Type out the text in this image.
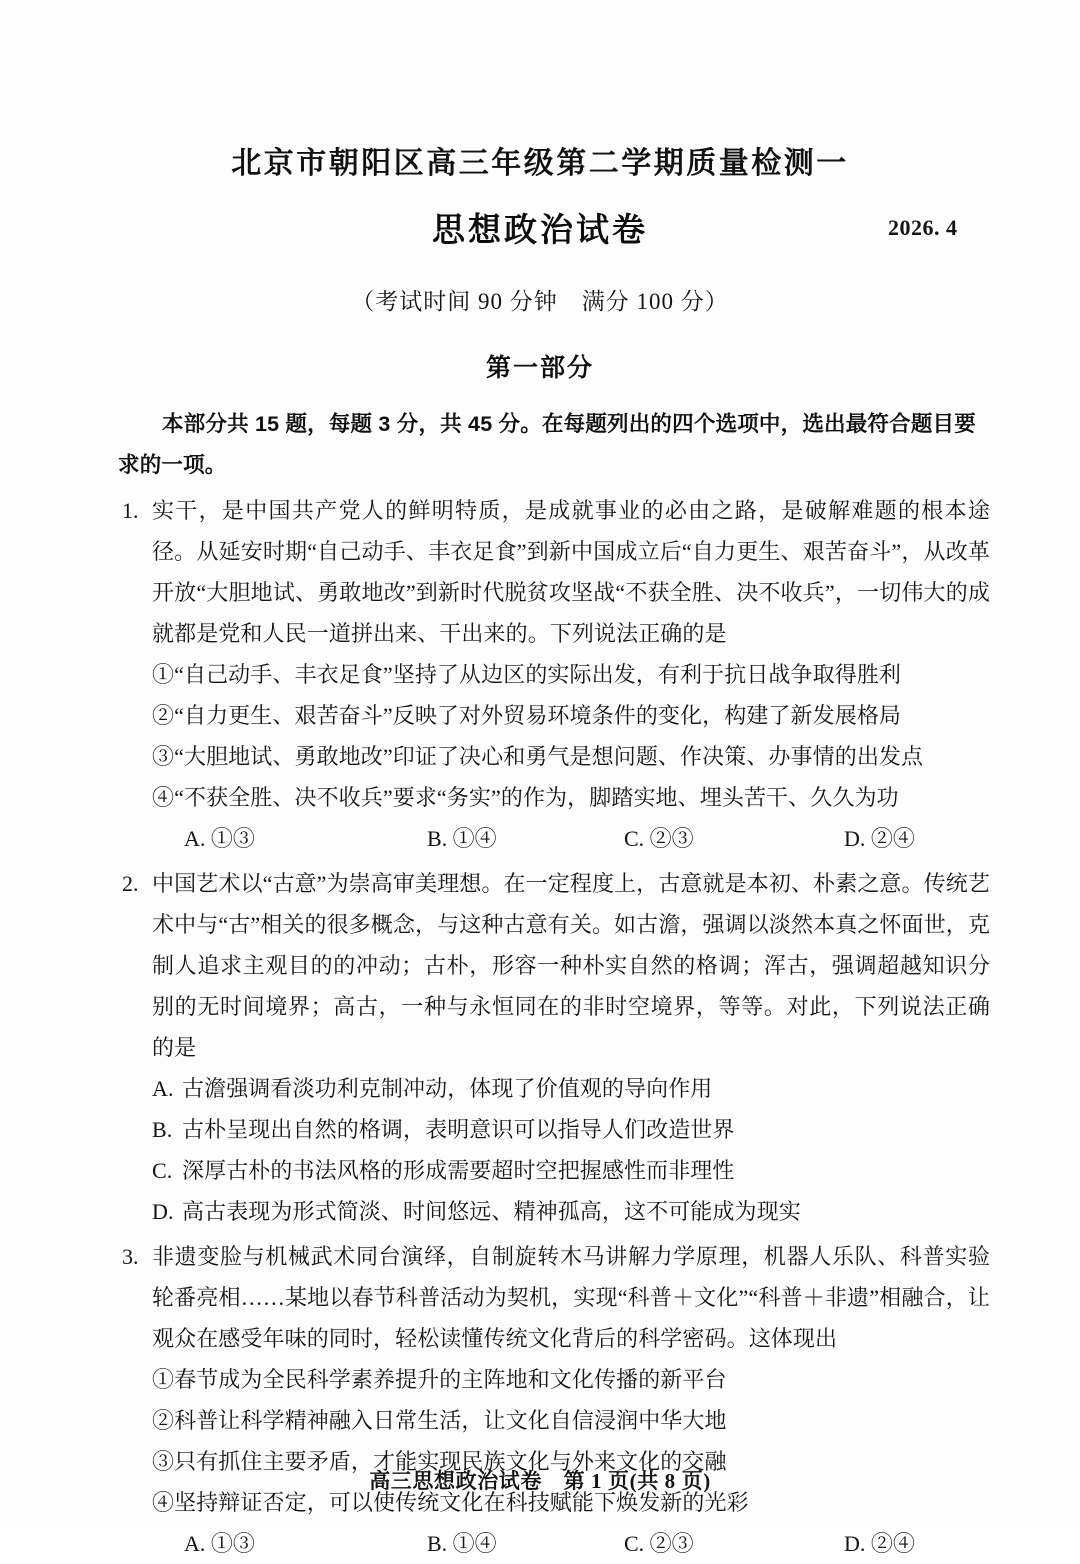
北京市朝阳区高三年级第二学期质量检测一
思想政治试卷	2026. 4
（考试时间 90 分钟　满分 100 分）
第一部分
本部分共 15 题，每题 3 分，共 45 分。在每题列出的四个选项中，选出最符合题目要求的一项。
1. 实干，是中国共产党人的鲜明特质，是成就事业的必由之路，是破解难题的根本途径。从延安时期“自己动手、丰衣足食”到新中国成立后“自力更生、艰苦奋斗”，从改革开放“大胆地试、勇敢地改”到新时代脱贫攻坚战“不获全胜、决不收兵”，一切伟大的成就都是党和人民一道拼出来、干出来的。下列说法正确的是
①“自己动手、丰衣足食”坚持了从边区的实际出发，有利于抗日战争取得胜利
②“自力更生、艰苦奋斗”反映了对外贸易环境条件的变化，构建了新发展格局
③“大胆地试、勇敢地改”印证了决心和勇气是想问题、作决策、办事情的出发点
④“不获全胜、决不收兵”要求“务实”的作为，脚踏实地、埋头苦干、久久为功
A. ①③	B. ①④	C. ②③	D. ②④
2. 中国艺术以“古意”为崇高审美理想。在一定程度上，古意就是本初、朴素之意。传统艺术中与“古”相关的很多概念，与这种古意有关。如古澹，强调以淡然本真之怀面世，克制人追求主观目的的冲动；古朴，形容一种朴实自然的格调；浑古，强调超越知识分别的无时间境界；高古，一种与永恒同在的非时空境界，等等。对此，下列说法正确的是
A. 古澹强调看淡功利克制冲动，体现了价值观的导向作用
B. 古朴呈现出自然的格调，表明意识可以指导人们改造世界
C. 深厚古朴的书法风格的形成需要超时空把握感性而非理性
D. 高古表现为形式简淡、时间悠远、精神孤高，这不可能成为现实
3. 非遗变脸与机械武术同台演绎，自制旋转木马讲解力学原理，机器人乐队、科普实验轮番亮相……某地以春节科普活动为契机，实现“科普＋文化”“科普＋非遗”相融合，让观众在感受年味的同时，轻松读懂传统文化背后的科学密码。这体现出
①春节成为全民科学素养提升的主阵地和文化传播的新平台
②科普让科学精神融入日常生活，让文化自信浸润中华大地
③只有抓住主要矛盾，才能实现民族文化与外来文化的交融
④坚持辩证否定，可以使传统文化在科技赋能下焕发新的光彩
A. ①③	B. ①④	C. ②③	D. ②④
高三思想政治试卷　第 1 页(共 8 页)
